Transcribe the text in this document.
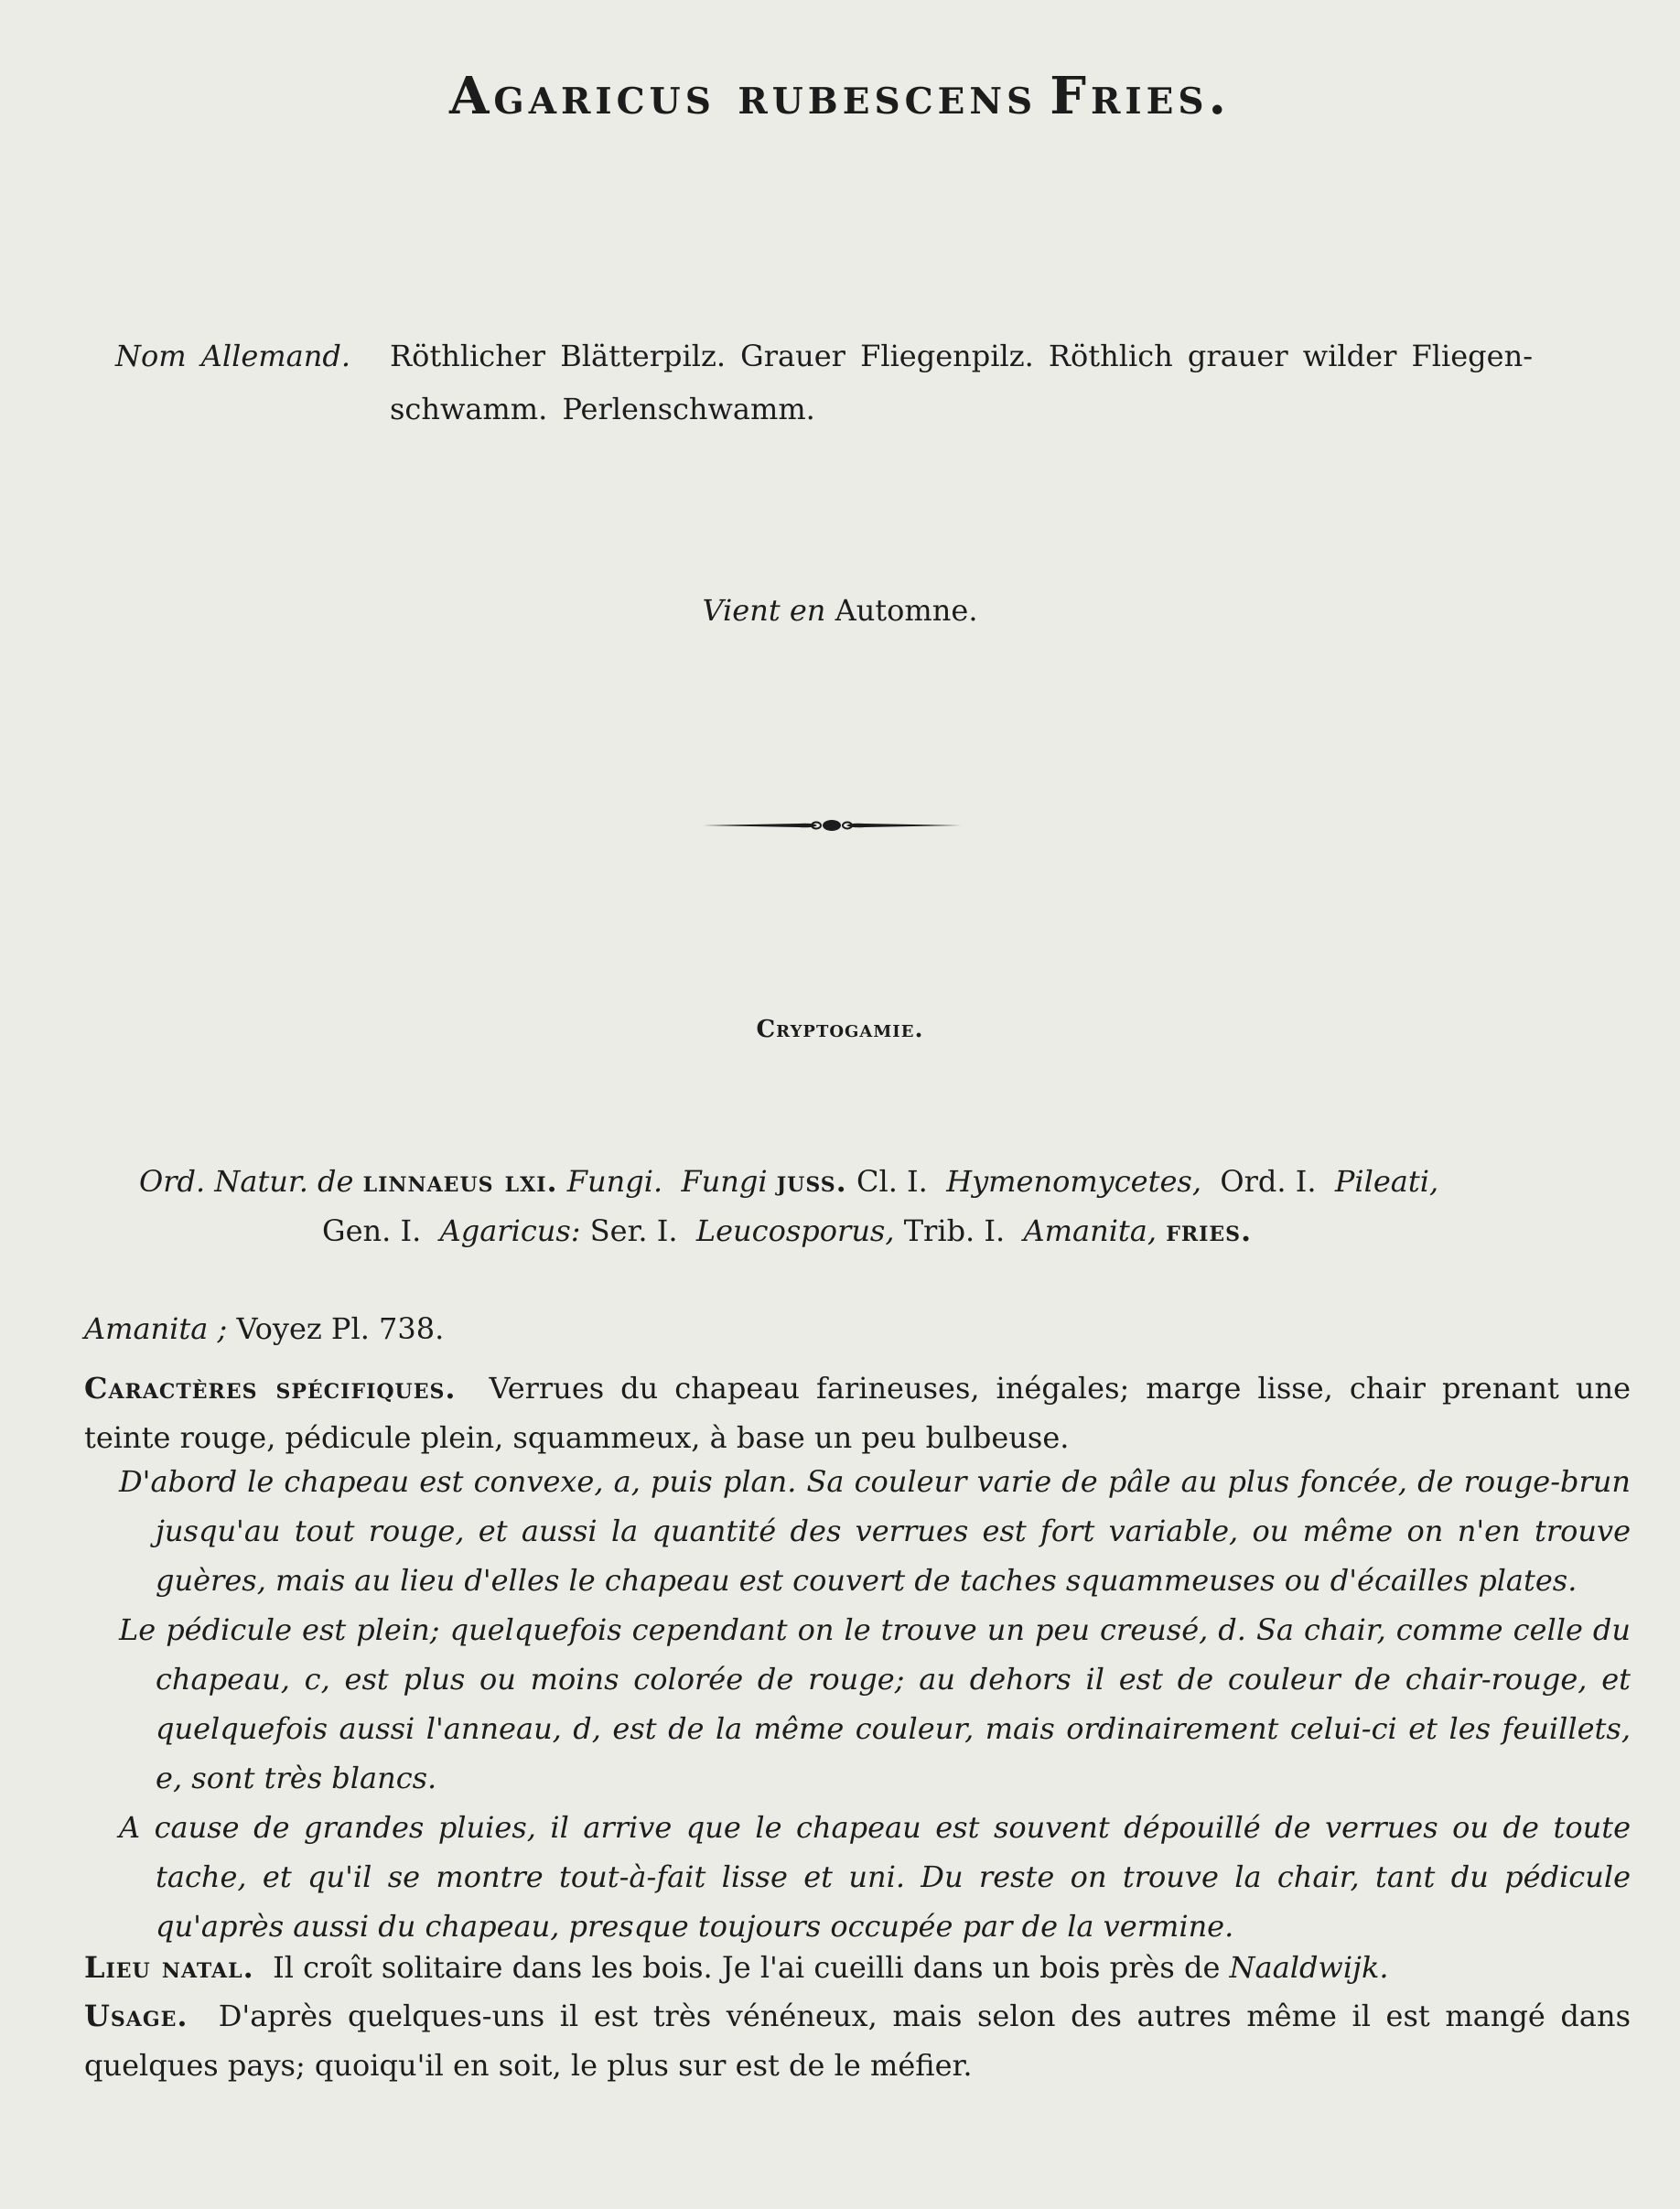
Agaricus rubescens Fries.
Nom Allemand. Röthlicher Blätterpilz. Grauer Fliegenpilz. Röthlich grauer wilder Fliegen-
schwamm. Perlenschwamm.
Vient en Automne.
Cryptogamie.
Ord. Natur. de linnaeus lxi. Fungi. Fungi juss. Cl. I. Hymenomycetes, Ord. I. Pileati,
Gen. I. Agaricus: Ser. I. Leucosporus, Trib. I. Amanita, fries.
Amanita ; Voyez Pl. 738.
Caractères spécifiques. Verrues du chapeau farineuses, inégales; marge lisse, chair prenant une teinte rouge, pédicule plein, squammeux, à base un peu bulbeuse.

D'abord le chapeau est convexe, a, puis plan. Sa couleur varie de pâle au plus foncée, de rouge-brun jusqu'au tout rouge, et aussi la quantité des verrues est fort variable, ou même on n'en trouve guères, mais au lieu d'elles le chapeau est couvert de taches squammeuses ou d'écailles plates.

Le pédicule est plein; quelquefois cependant on le trouve un peu creusé, d. Sa chair, comme celle du chapeau, c, est plus ou moins colorée de rouge; au dehors il est de couleur de chair-rouge, et quelquefois aussi l'anneau, d, est de la même couleur, mais ordinairement celui-ci et les feuillets, e, sont très blancs.

A cause de grandes pluies, il arrive que le chapeau est souvent dépouillé de verrues ou de toute tache, et qu'il se montre tout-à-fait lisse et uni. Du reste on trouve la chair, tant du pédicule qu'après aussi du chapeau, presque toujours occupée par de la vermine.

Lieu natal. Il croît solitaire dans les bois. Je l'ai cueilli dans un bois près de Naaldwijk.
Usage. D'après quelques-uns il est très vénéneux, mais selon des autres même il est mangé dans quelques pays; quoiqu'il en soit, le plus sur est de le méfier.
